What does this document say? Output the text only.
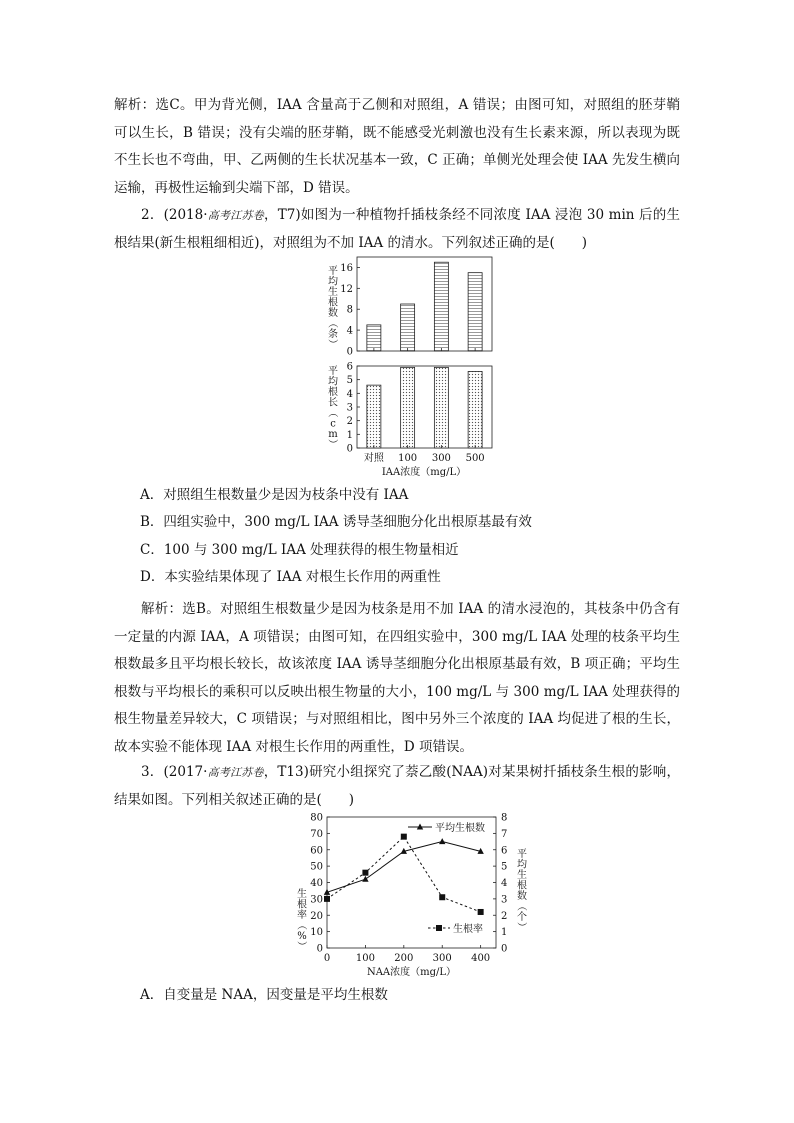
解析：选C。甲为背光侧，IAA 含量高于乙侧和对照组，A 错误；由图可知，对照组的胚芽鞘可以生长，B 错误；没有尖端的胚芽鞘，既不能感受光刺激也没有生长素来源，所以表现为既不生长也不弯曲，甲、乙两侧的生长状况基本一致，C 正确；单侧光处理会使 IAA 先发生横向运输，再极性运输到尖端下部，D 错误。

2．(2018·高考江苏卷，T7)如图为一种植物扦插枝条经不同浓度 IAA 浸泡 30 min 后的生根结果(新生根粗细相近)，对照组为不加 IAA 的清水。下列叙述正确的是(　　)

0
4
8
12
16
0
1
2
3
4
5
6
对照 100 300 500
IAA浓度（mg/L）
平
均
生
根
数
（
条
）
平
均
根
长
（
c
m
）

A．对照组生根数量少是因为枝条中没有 IAA

B．四组实验中，300 mg/L IAA 诱导茎细胞分化出根原基最有效

C．100 与 300 mg/L IAA 处理获得的根生物量相近

D．本实验结果体现了 IAA 对根生长作用的两重性

解析：选B。对照组生根数量少是因为枝条是用不加 IAA 的清水浸泡的，其枝条中仍含有一定量的内源 IAA，A 项错误；由图可知，在四组实验中，300 mg/L IAA 处理的枝条平均生根数最多且平均根长较长，故该浓度 IAA 诱导茎细胞分化出根原基最有效，B 项正确；平均生根数与平均根长的乘积可以反映出根生物量的大小，100 mg/L 与 300 mg/L IAA 处理获得的根生物量差异较大，C 项错误；与对照组相比，图中另外三个浓度的 IAA 均促进了根的生长，故本实验不能体现 IAA 对根生长作用的两重性，D 项错误。

3．(2017·高考江苏卷，T13)研究小组探究了萘乙酸(NAA)对某果树扦插枝条生根的影响，结果如图。下列相关叙述正确的是(　　)

0
10
20
30
40
50
60
70
80
0
1
2
3
4
5
6
7
8
0	100 200 300 400
NAA浓度（mg/L）
生
根
率
（
%
）
平
均
生
根
数
（
个
）
平均生根数
生根率

A．自变量是 NAA，因变量是平均生根数
